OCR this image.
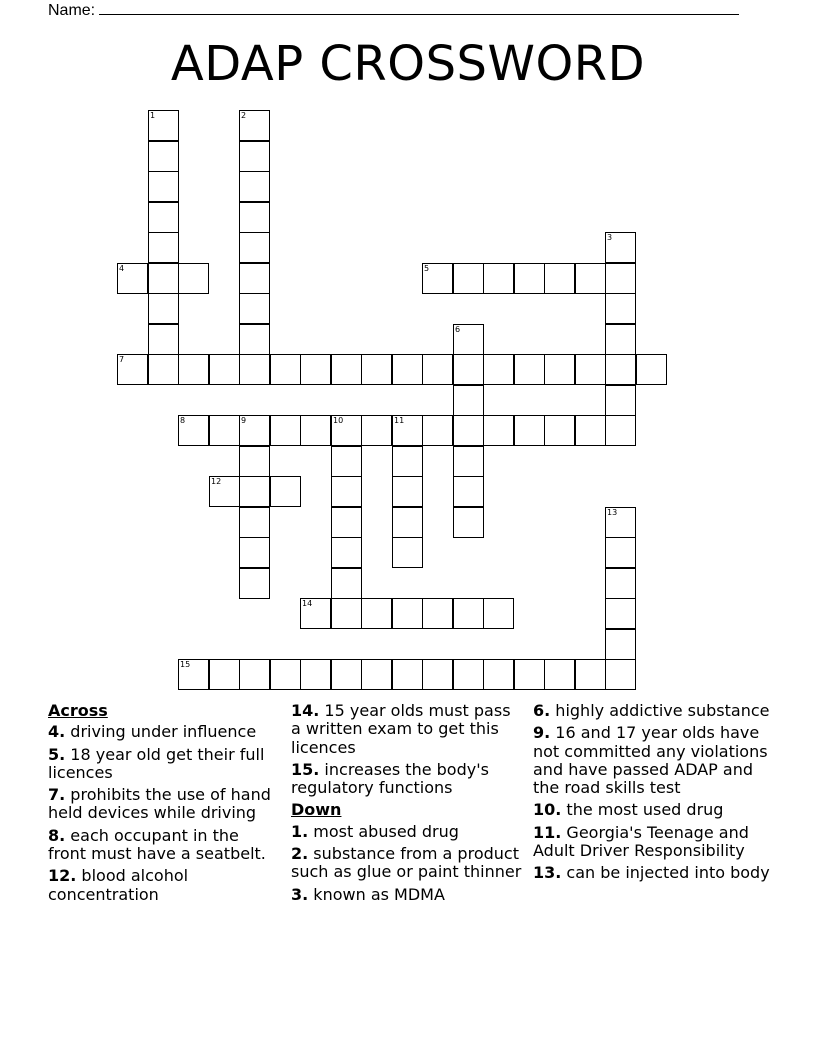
Name:
ADAP CROSSWORD
1	2
3
4	5
6
7
8	9	10	11
12
13
14
15
Across
4. driving under influence
5. 18 year old get their full licences
7. prohibits the use of hand held devices while driving
8. each occupant in the front must have a seatbelt.
12. blood alcohol concentration
14. 15 year olds must pass a written exam to get this licences
15. increases the body's regulatory functions
Down
1. most abused drug
2. substance from a product such as glue or paint thinner
3. known as MDMA
6. highly addictive substance
9. 16 and 17 year olds have not committed any violations and have passed ADAP and the road skills test
10. the most used drug
11. Georgia's Teenage and Adult Driver Responsibility
13. can be injected into body
